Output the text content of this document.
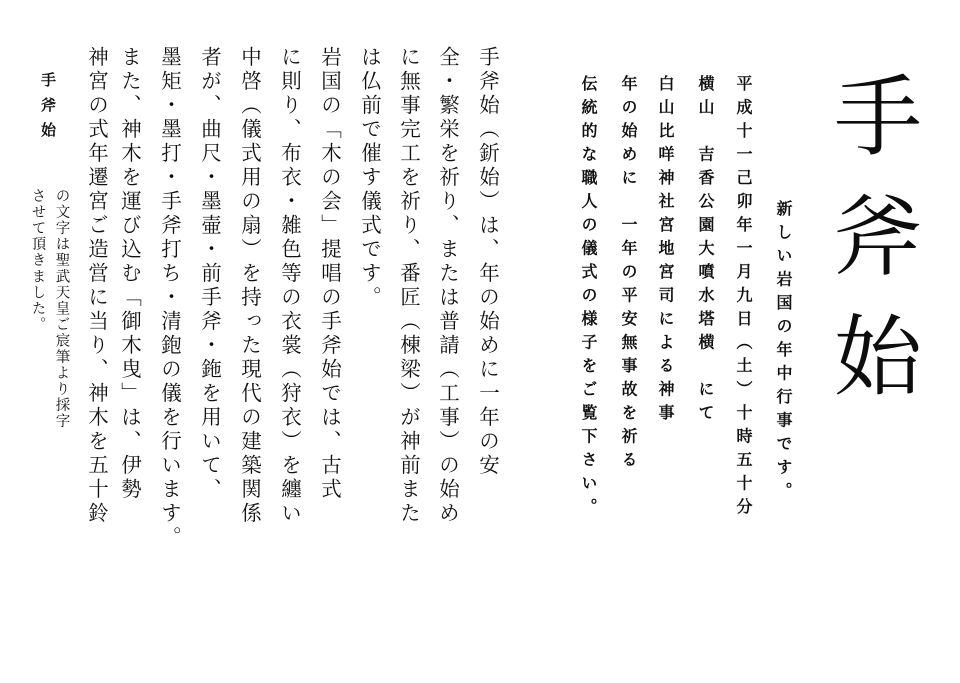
手斧始
新しい岩国の年中行事です。
平成十一己卯年一月九日（土）十時五十分
横山　吉香公園大噴水塔横　にて
白山比咩神社宮地宮司による神事
年の始めに　一年の平安無事故を祈る
伝統的な職人の儀式の様子をご覧下さい。
手斧始（釿始）は、年の始めに一年の安
全・繁栄を祈り、または普請（工事）の始め
に無事完工を祈り、番匠（棟梁）が神前また
は仏前で催す儀式です。
岩国の「木の会」提唱の手斧始では、古式
に則り、布衣・雑色等の衣裳（狩衣）を纏い
中啓（儀式用の扇）を持った現代の建築関係
者が、曲尺・墨壷・前手斧・鉇を用いて、
墨矩・墨打・手斧打ち・清鉋の儀を行います。
また、神木を運び込む「御木曳」は、伊勢
神宮の式年遷宮ご造営に当り、神木を五十鈴
手斧始
の文字は聖武天皇ご宸筆より採字
させて頂きました。
